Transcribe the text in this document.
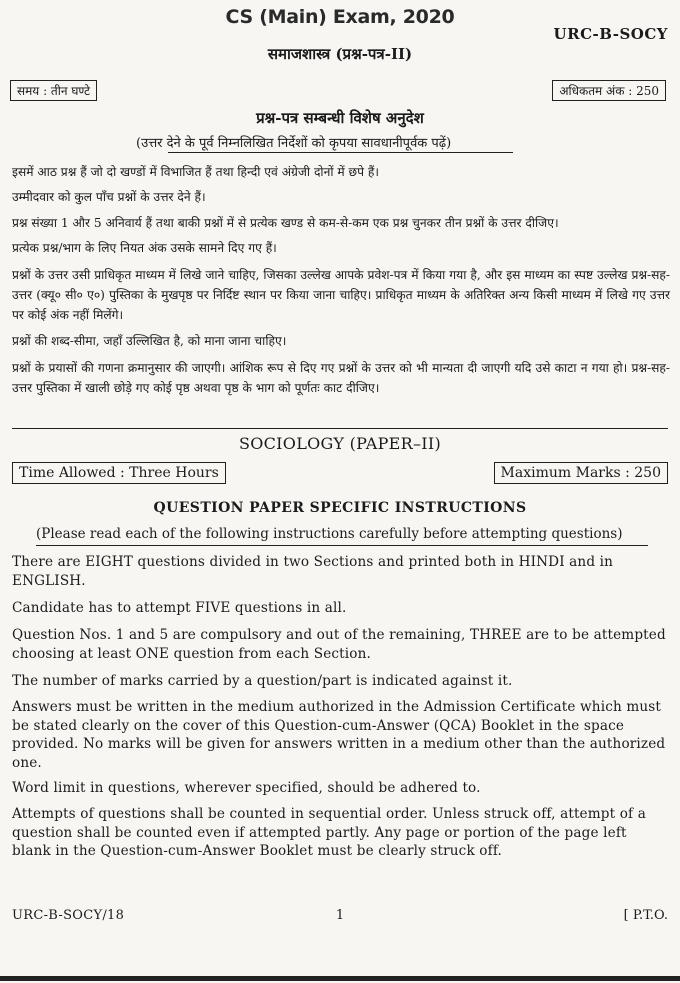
CS (Main) Exam, 2020
URC-B-SOCY
समाजशास्त्र (प्रश्न-पत्र-II)
समय : तीन घण्टे	अधिकतम अंक : 250
प्रश्न-पत्र सम्बन्धी विशेष अनुदेश
(उत्तर देने के पूर्व निम्नलिखित निर्देशों को कृपया सावधानीपूर्वक पढ़ें)
इसमें आठ प्रश्न हैं जो दो खण्डों में विभाजित हैं तथा हिन्दी एवं अंग्रेजी दोनों में छपे हैं।
उम्मीदवार को कुल पाँच प्रश्नों के उत्तर देने हैं।
प्रश्न संख्या 1 और 5 अनिवार्य हैं तथा बाकी प्रश्नों में से प्रत्येक खण्ड से कम-से-कम एक प्रश्न चुनकर तीन प्रश्नों के उत्तर दीजिए।
प्रत्येक प्रश्न/भाग के लिए नियत अंक उसके सामने दिए गए हैं।
प्रश्नों के उत्तर उसी प्राधिकृत माध्यम में लिखे जाने चाहिए, जिसका उल्लेख आपके प्रवेश-पत्र में किया गया है, और इस माध्यम का स्पष्ट उल्लेख प्रश्न-सह-उत्तर (क्यू० सी० ए०) पुस्तिका के मुखपृष्ठ पर निर्दिष्ट स्थान पर किया जाना चाहिए। प्राधिकृत माध्यम के अतिरिक्त अन्य किसी माध्यम में लिखे गए उत्तर पर कोई अंक नहीं मिलेंगे।
प्रश्नों की शब्द-सीमा, जहाँ उल्लिखित है, को माना जाना चाहिए।
प्रश्नों के प्रयासों की गणना क्रमानुसार की जाएगी। आंशिक रूप से दिए गए प्रश्नों के उत्तर को भी मान्यता दी जाएगी यदि उसे काटा न गया हो। प्रश्न-सह-उत्तर पुस्तिका में खाली छोड़े गए कोई पृष्ठ अथवा पृष्ठ के भाग को पूर्णतः काट दीजिए।
SOCIOLOGY (PAPER–II)
Time Allowed : Three Hours	Maximum Marks : 250
QUESTION PAPER SPECIFIC INSTRUCTIONS
(Please read each of the following instructions carefully before attempting questions)
There are EIGHT questions divided in two Sections and printed both in HINDI and in ENGLISH.
Candidate has to attempt FIVE questions in all.
Question Nos. 1 and 5 are compulsory and out of the remaining, THREE are to be attempted choosing at least ONE question from each Section.
The number of marks carried by a question/part is indicated against it.
Answers must be written in the medium authorized in the Admission Certificate which must be stated clearly on the cover of this Question-cum-Answer (QCA) Booklet in the space provided. No marks will be given for answers written in a medium other than the authorized one.
Word limit in questions, wherever specified, should be adhered to.
Attempts of questions shall be counted in sequential order. Unless struck off, attempt of a question shall be counted even if attempted partly. Any page or portion of the page left blank in the Question-cum-Answer Booklet must be clearly struck off.
URC-B-SOCY/18	1	[ P.T.O.
